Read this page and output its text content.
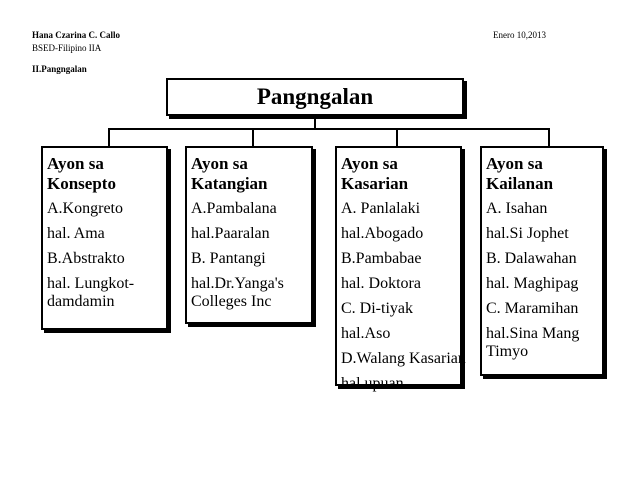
Hana Czarina C. Callo
BSED-Filipino IIA
II.Pangngalan
Enero 10,2013
Pangngalan
Ayon sa Konsepto
A.Kongreto
hal. Ama
B.Abstrakto
hal. Lungkot-damdamin
Ayon sa Katangian
A.Pambalana
hal.Paaralan
B. Pantangi
hal.Dr.Yanga's Colleges Inc
Ayon sa Kasarian
A. Panlalaki
hal.Abogado
B.Pambabae
hal. Doktora
C. Di-tiyak
hal.Aso
D.Walang Kasarian
hal.upuan
Ayon sa Kailanan
A. Isahan
hal.Si Jophet
B. Dalawahan
hal. Maghipag
C. Maramihan
hal.Sina Mang Timyo
